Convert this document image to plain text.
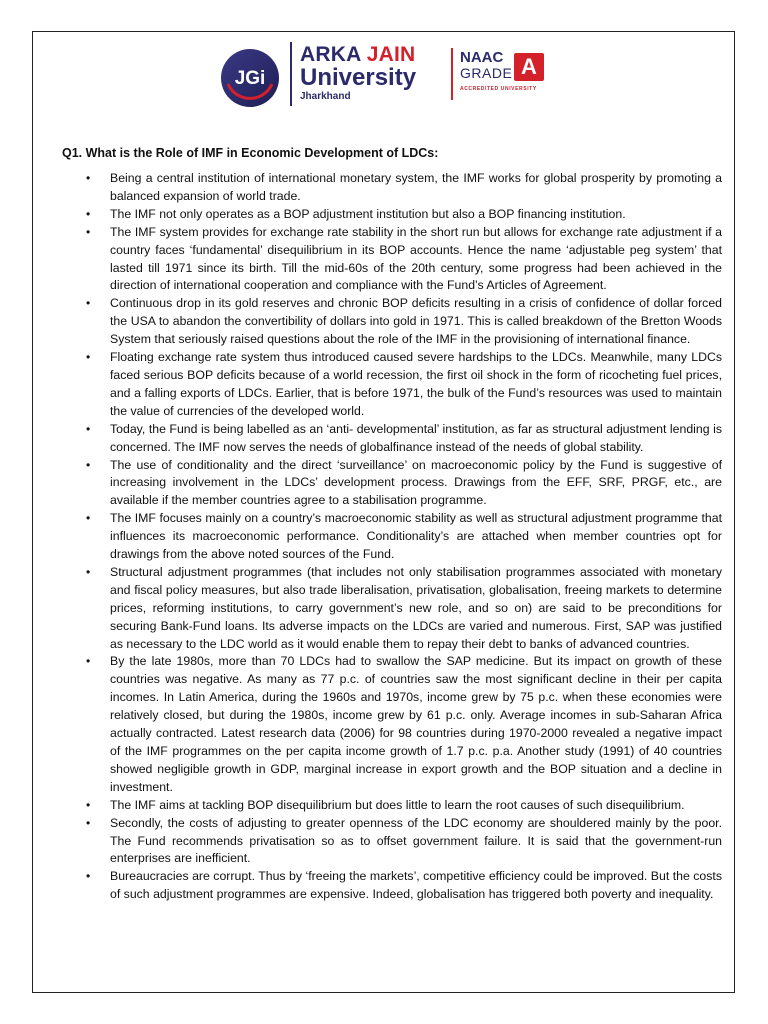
JGi
ARKA JAIN
University
Jharkhand
NAAC
GRADE A
ACCREDITED UNIVERSITY
Q1. What is the Role of IMF in Economic Development of LDCs:
• Being a central institution of international monetary system, the IMF works for global prosperity by promoting a balanced expansion of world trade.
• The IMF not only operates as a BOP adjustment institution but also a BOP financing institution.
• The IMF system provides for exchange rate stability in the short run but allows for exchange rate adjustment if a country faces ‘fundamental’ disequilibrium in its BOP accounts. Hence the name ‘adjustable peg system’ that lasted till 1971 since its birth. Till the mid-60s of the 20th century, some progress had been achieved in the direction of international cooperation and compliance with the Fund’s Articles of Agreement.
• Continuous drop in its gold reserves and chronic BOP deficits resulting in a crisis of confidence of dollar forced the USA to abandon the convertibility of dollars into gold in 1971. This is called breakdown of the Bretton Woods System that seriously raised questions about the role of the IMF in the provisioning of international finance.
• Floating exchange rate system thus introduced caused severe hardships to the LDCs. Meanwhile, many LDCs faced serious BOP deficits because of a world recession, the first oil shock in the form of ricocheting fuel prices, and a falling exports of LDCs. Earlier, that is before 1971, the bulk of the Fund’s resources was used to maintain the value of currencies of the developed world.
• Today, the Fund is being labelled as an ‘anti- developmental’ institution, as far as structural adjustment lending is concerned. The IMF now serves the needs of globalfinance instead of the needs of global stability.
• The use of conditionality and the direct ‘surveillance’ on macroeconomic policy by the Fund is suggestive of increasing involvement in the LDCs’ development process. Drawings from the EFF, SRF, PRGF, etc., are available if the member countries agree to a stabilisation programme.
• The IMF focuses mainly on a country’s macroeconomic stability as well as structural adjustment programme that influences its macroeconomic performance. Conditionality’s are attached when member countries opt for drawings from the above noted sources of the Fund.
• Structural adjustment programmes (that includes not only stabilisation programmes associated with monetary and fiscal policy measures, but also trade liberalisation, privatisation, globalisation, freeing markets to determine prices, reforming institutions, to carry government’s new role, and so on) are said to be preconditions for securing Bank-Fund loans. Its adverse impacts on the LDCs are varied and numerous. First, SAP was justified as necessary to the LDC world as it would enable them to repay their debt to banks of advanced countries.
• By the late 1980s, more than 70 LDCs had to swallow the SAP medicine. But its impact on growth of these countries was negative. As many as 77 p.c. of countries saw the most significant decline in their per capita incomes. In Latin America, during the 1960s and 1970s, income grew by 75 p.c. when these economies were relatively closed, but during the 1980s, income grew by 61 p.c. only. Average incomes in sub-Saharan Africa actually contracted. Latest research data (2006) for 98 countries during 1970-2000 revealed a negative impact of the IMF programmes on the per capita income growth of 1.7 p.c. p.a. Another study (1991) of 40 countries showed negligible growth in GDP, marginal increase in export growth and the BOP situation and a decline in investment.
• The IMF aims at tackling BOP disequilibrium but does little to learn the root causes of such disequilibrium.
• Secondly, the costs of adjusting to greater openness of the LDC economy are shouldered mainly by the poor. The Fund recommends privatisation so as to offset government failure. It is said that the government-run enterprises are inefficient.
• Bureaucracies are corrupt. Thus by ‘freeing the markets’, competitive efficiency could be improved. But the costs of such adjustment programmes are expensive. Indeed, globalisation has triggered both poverty and inequality.
